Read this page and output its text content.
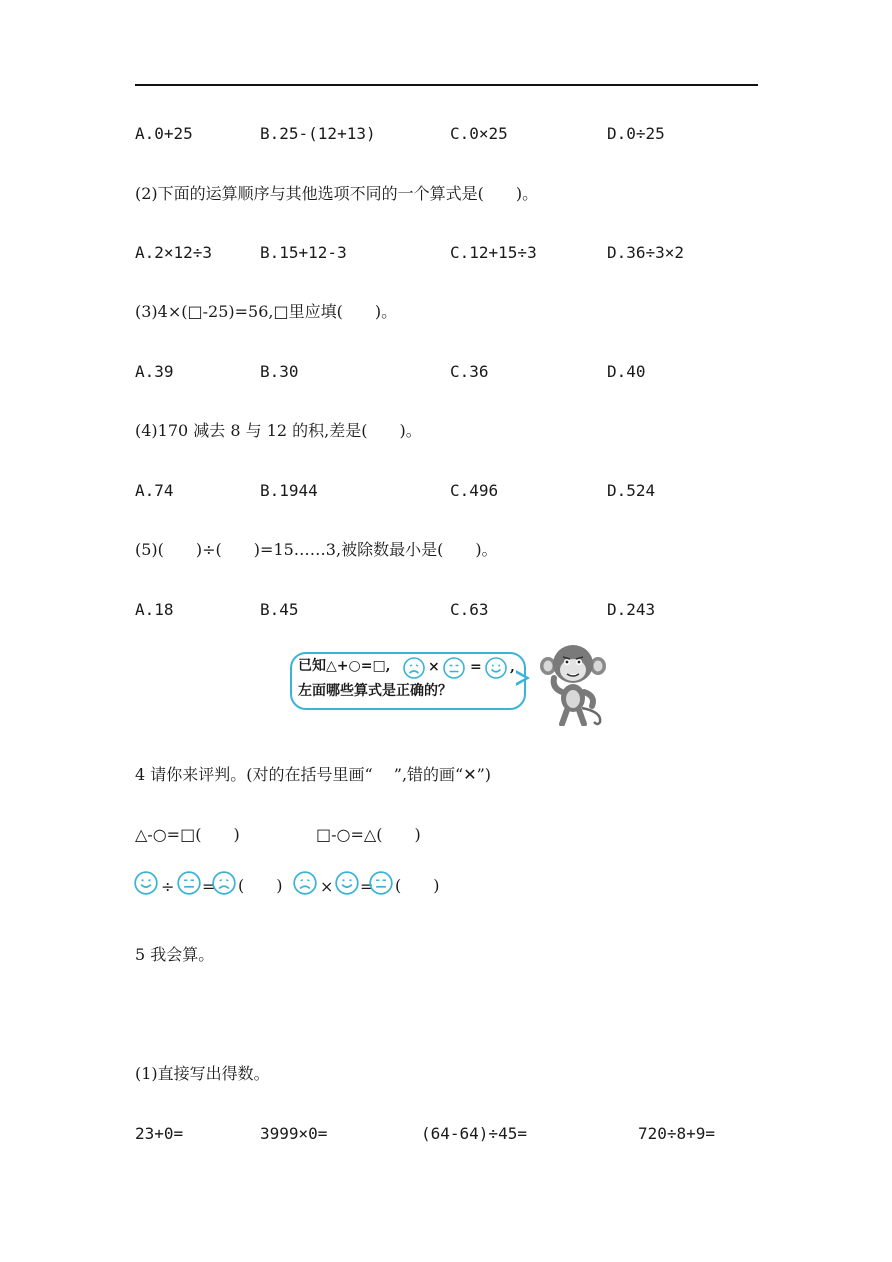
A.0+25	B.25-(12+13)	C.0×25	D.0÷25
(2)下面的运算顺序与其他选项不同的一个算式是(　　)。
A.2×12÷3	B.15+12-3	C.12+15÷3	D.36÷3×2
(3)4×(□-25)=56,□里应填(　　)。
A.39	B.30	C.36	D.40
(4)170 减去 8 与 12 的积,差是(　　)。
A.74	B.1944	C.496	D.524
(5)(　　)÷(　　)=15……3,被除数最小是(　　)。
A.18	B.45	C.63	D.243
已知△+○=□,	× = ,
左面哪些算式是正确的？
4 请你来评判。(对的在括号里画“　 ”,错的画“✕”)
△-○=□(　　)	□-○=△(　　)
÷ = (　　) × = (　　)
5 我会算。
(1)直接写出得数。
23+0=	3999×0=	(64-64)÷45=	720÷8+9=
